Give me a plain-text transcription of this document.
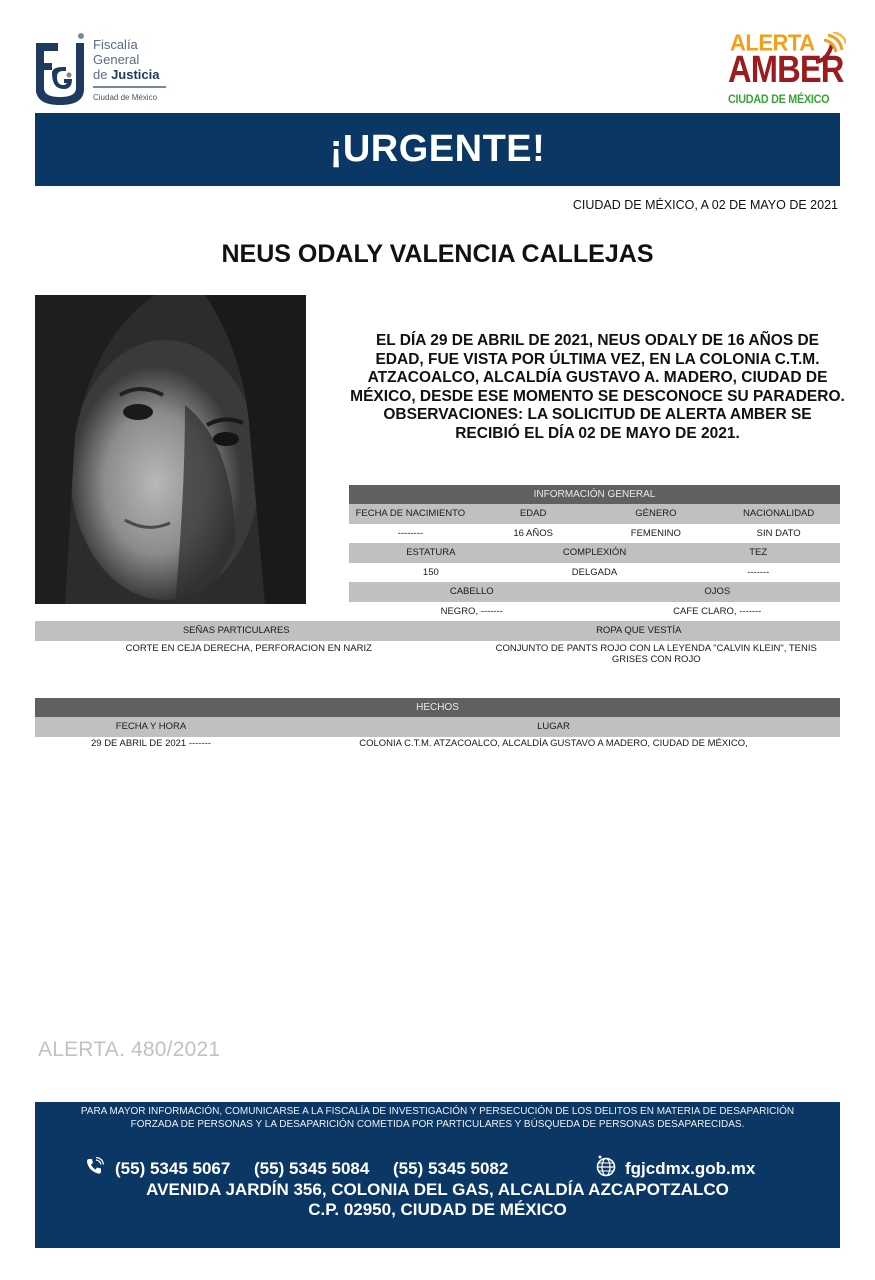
Fiscalía
General
de Justicia
Ciudad de México
ALERTA
AMBER
CIUDAD DE MÉXICO
¡URGENTE!
CIUDAD DE MÉXICO, A 02 DE MAYO DE 2021
NEUS ODALY VALENCIA CALLEJAS
EL DÍA 29 DE ABRIL DE 2021, NEUS ODALY DE 16 AÑOS DE EDAD, FUE VISTA POR ÚLTIMA VEZ, EN LA COLONIA C.T.M. ATZACOALCO, ALCALDÍA GUSTAVO A. MADERO, CIUDAD DE MÉXICO, DESDE ESE MOMENTO SE DESCONOCE SU PARADERO. OBSERVACIONES: LA SOLICITUD DE ALERTA AMBER SE RECIBIÓ EL DÍA 02 DE MAYO DE 2021.
INFORMACIÓN GENERAL
FECHA DE NACIMIENTO	EDAD	GÉNERO	NACIONALIDAD
--------	16 AÑOS	FEMENINO	SIN DATO
ESTATURA	COMPLEXIÓN	TEZ
150	DELGADA	-------
CABELLO	OJOS
NEGRO, -------	CAFE CLARO, -------
SEÑAS PARTICULARES	ROPA QUE VESTÍA
CORTE EN CEJA DERECHA, PERFORACION EN NARIZ	CONJUNTO DE PANTS ROJO CON LA LEYENDA "CALVIN KLEIN", TENIS GRISES CON ROJO
HECHOS
FECHA Y HORA	LUGAR
29 DE ABRIL DE 2021 -------	COLONIA C.T.M. ATZACOALCO, ALCALDÍA GUSTAVO A MADERO, CIUDAD DE MÉXICO,
ALERTA. 480/2021
PARA MAYOR INFORMACIÓN, COMUNICARSE A LA FISCALÍA DE INVESTIGACIÓN Y PERSECUCIÓN DE LOS DELITOS EN MATERIA DE DESAPARICIÓN FORZADA DE PERSONAS Y LA DESAPARICIÓN COMETIDA POR PARTICULARES Y BÚSQUEDA DE PERSONAS DESAPARECIDAS.
(55) 5345 5067 (55) 5345 5084 (55) 5345 5082	fgjcdmx.gob.mx
AVENIDA JARDÍN 356, COLONIA DEL GAS, ALCALDÍA AZCAPOTZALCO
C.P. 02950, CIUDAD DE MÉXICO
